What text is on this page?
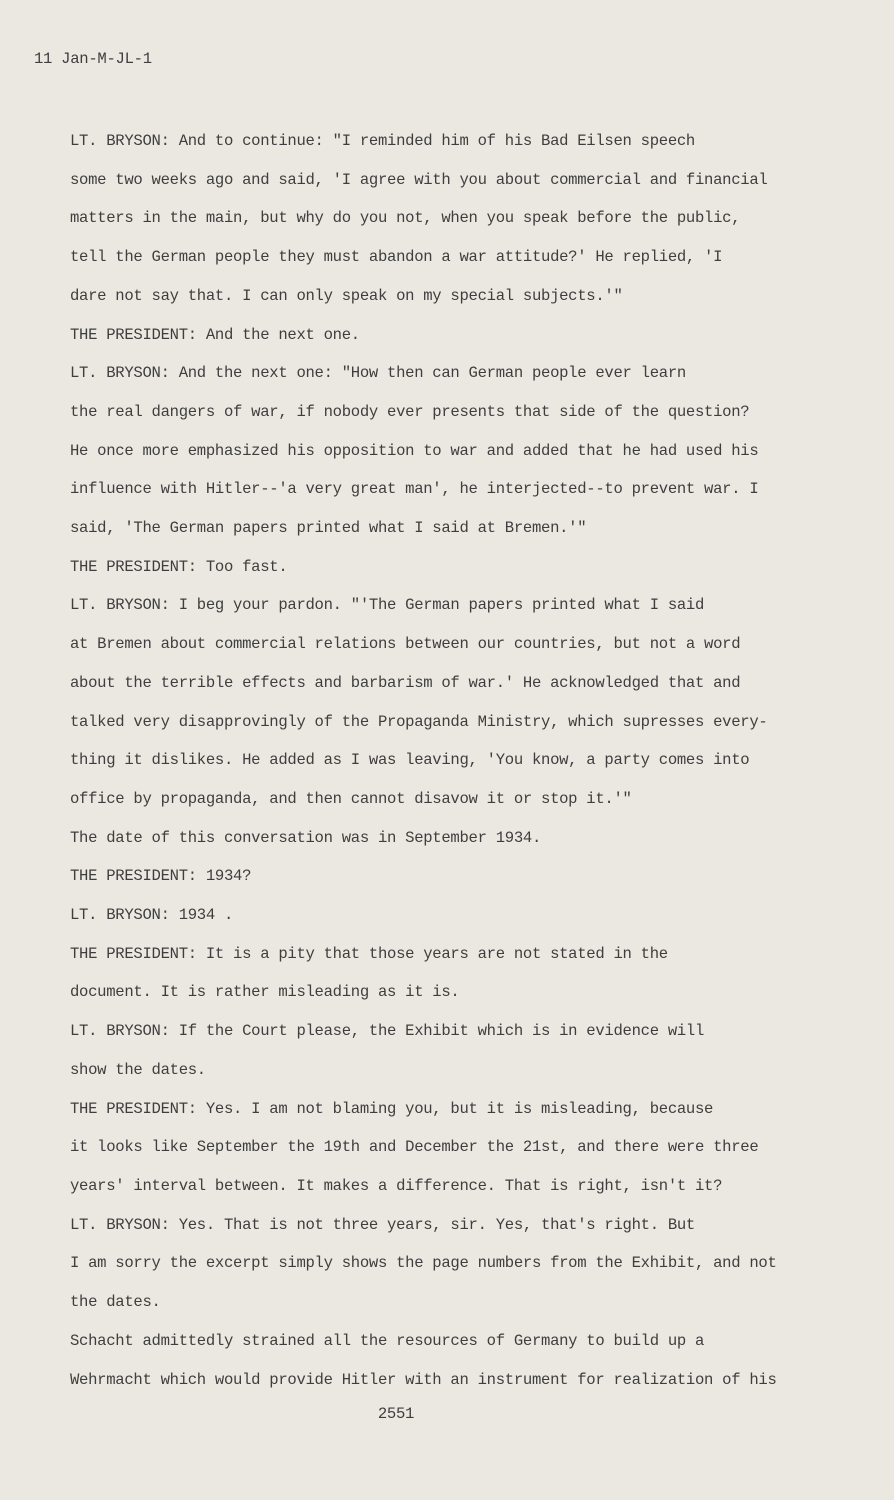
11 Jan-M-JL-1
LT. BRYSON: And to continue: "I reminded him of his Bad Eilsen speech
some two weeks ago and said, 'I agree with you about commercial and financial
matters in the main, but why do you not, when you speak before the public,
tell the German people they must abandon a war attitude?' He replied, 'I
dare not say that. I can only speak on my special subjects.'"
THE PRESIDENT: And the next one.
LT. BRYSON: And the next one: "How then can German people ever learn
the real dangers of war, if nobody ever presents that side of the question?
He once more emphasized his opposition to war and added that he had used his
influence with Hitler--'a very great man', he interjected--to prevent war. I
said, 'The German papers printed what I said at Bremen.'"
THE PRESIDENT: Too fast.
LT. BRYSON: I beg your pardon. "'The German papers printed what I said
at Bremen about commercial relations between our countries, but not a word
about the terrible effects and barbarism of war.' He acknowledged that and
talked very disapprovingly of the Propaganda Ministry, which supresses every-
thing it dislikes. He added as I was leaving, 'You know, a party comes into
office by propaganda, and then cannot disavow it or stop it.'"
The date of this conversation was in September 1934.
THE PRESIDENT: 1934?
LT. BRYSON: 1934 .
THE PRESIDENT: It is a pity that those years are not stated in the
document. It is rather misleading as it is.
LT. BRYSON: If the Court please, the Exhibit which is in evidence will
show the dates.
THE PRESIDENT: Yes. I am not blaming you, but it is misleading, because
it looks like September the 19th and December the 21st, and there were three
years' interval between. It makes a difference. That is right, isn't it?
LT. BRYSON: Yes. That is not three years, sir. Yes, that's right. But
I am sorry the excerpt simply shows the page numbers from the Exhibit, and not
the dates.
Schacht admittedly strained all the resources of Germany to build up a
Wehrmacht which would provide Hitler with an instrument for realization of his
2551
